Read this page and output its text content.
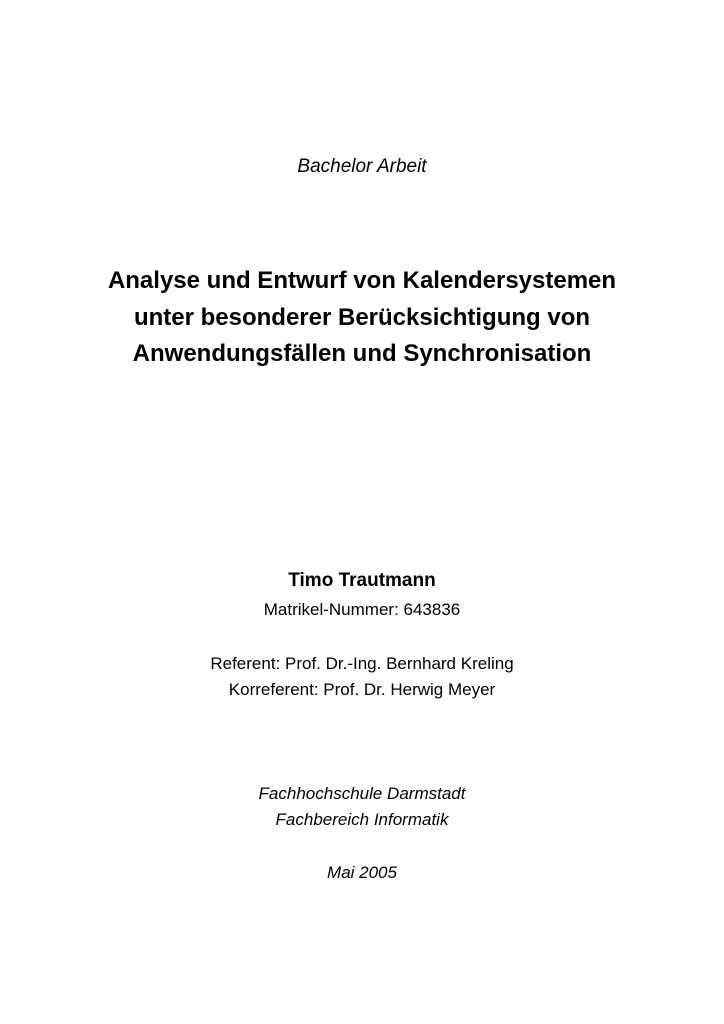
Bachelor Arbeit
Analyse und Entwurf von Kalendersystemen
unter besonderer Berücksichtigung von
Anwendungsfällen und Synchronisation
Timo Trautmann
Matrikel-Nummer: 643836
Referent: Prof. Dr.-Ing. Bernhard Kreling
Korreferent: Prof. Dr. Herwig Meyer
Fachhochschule Darmstadt
Fachbereich Informatik
Mai 2005
